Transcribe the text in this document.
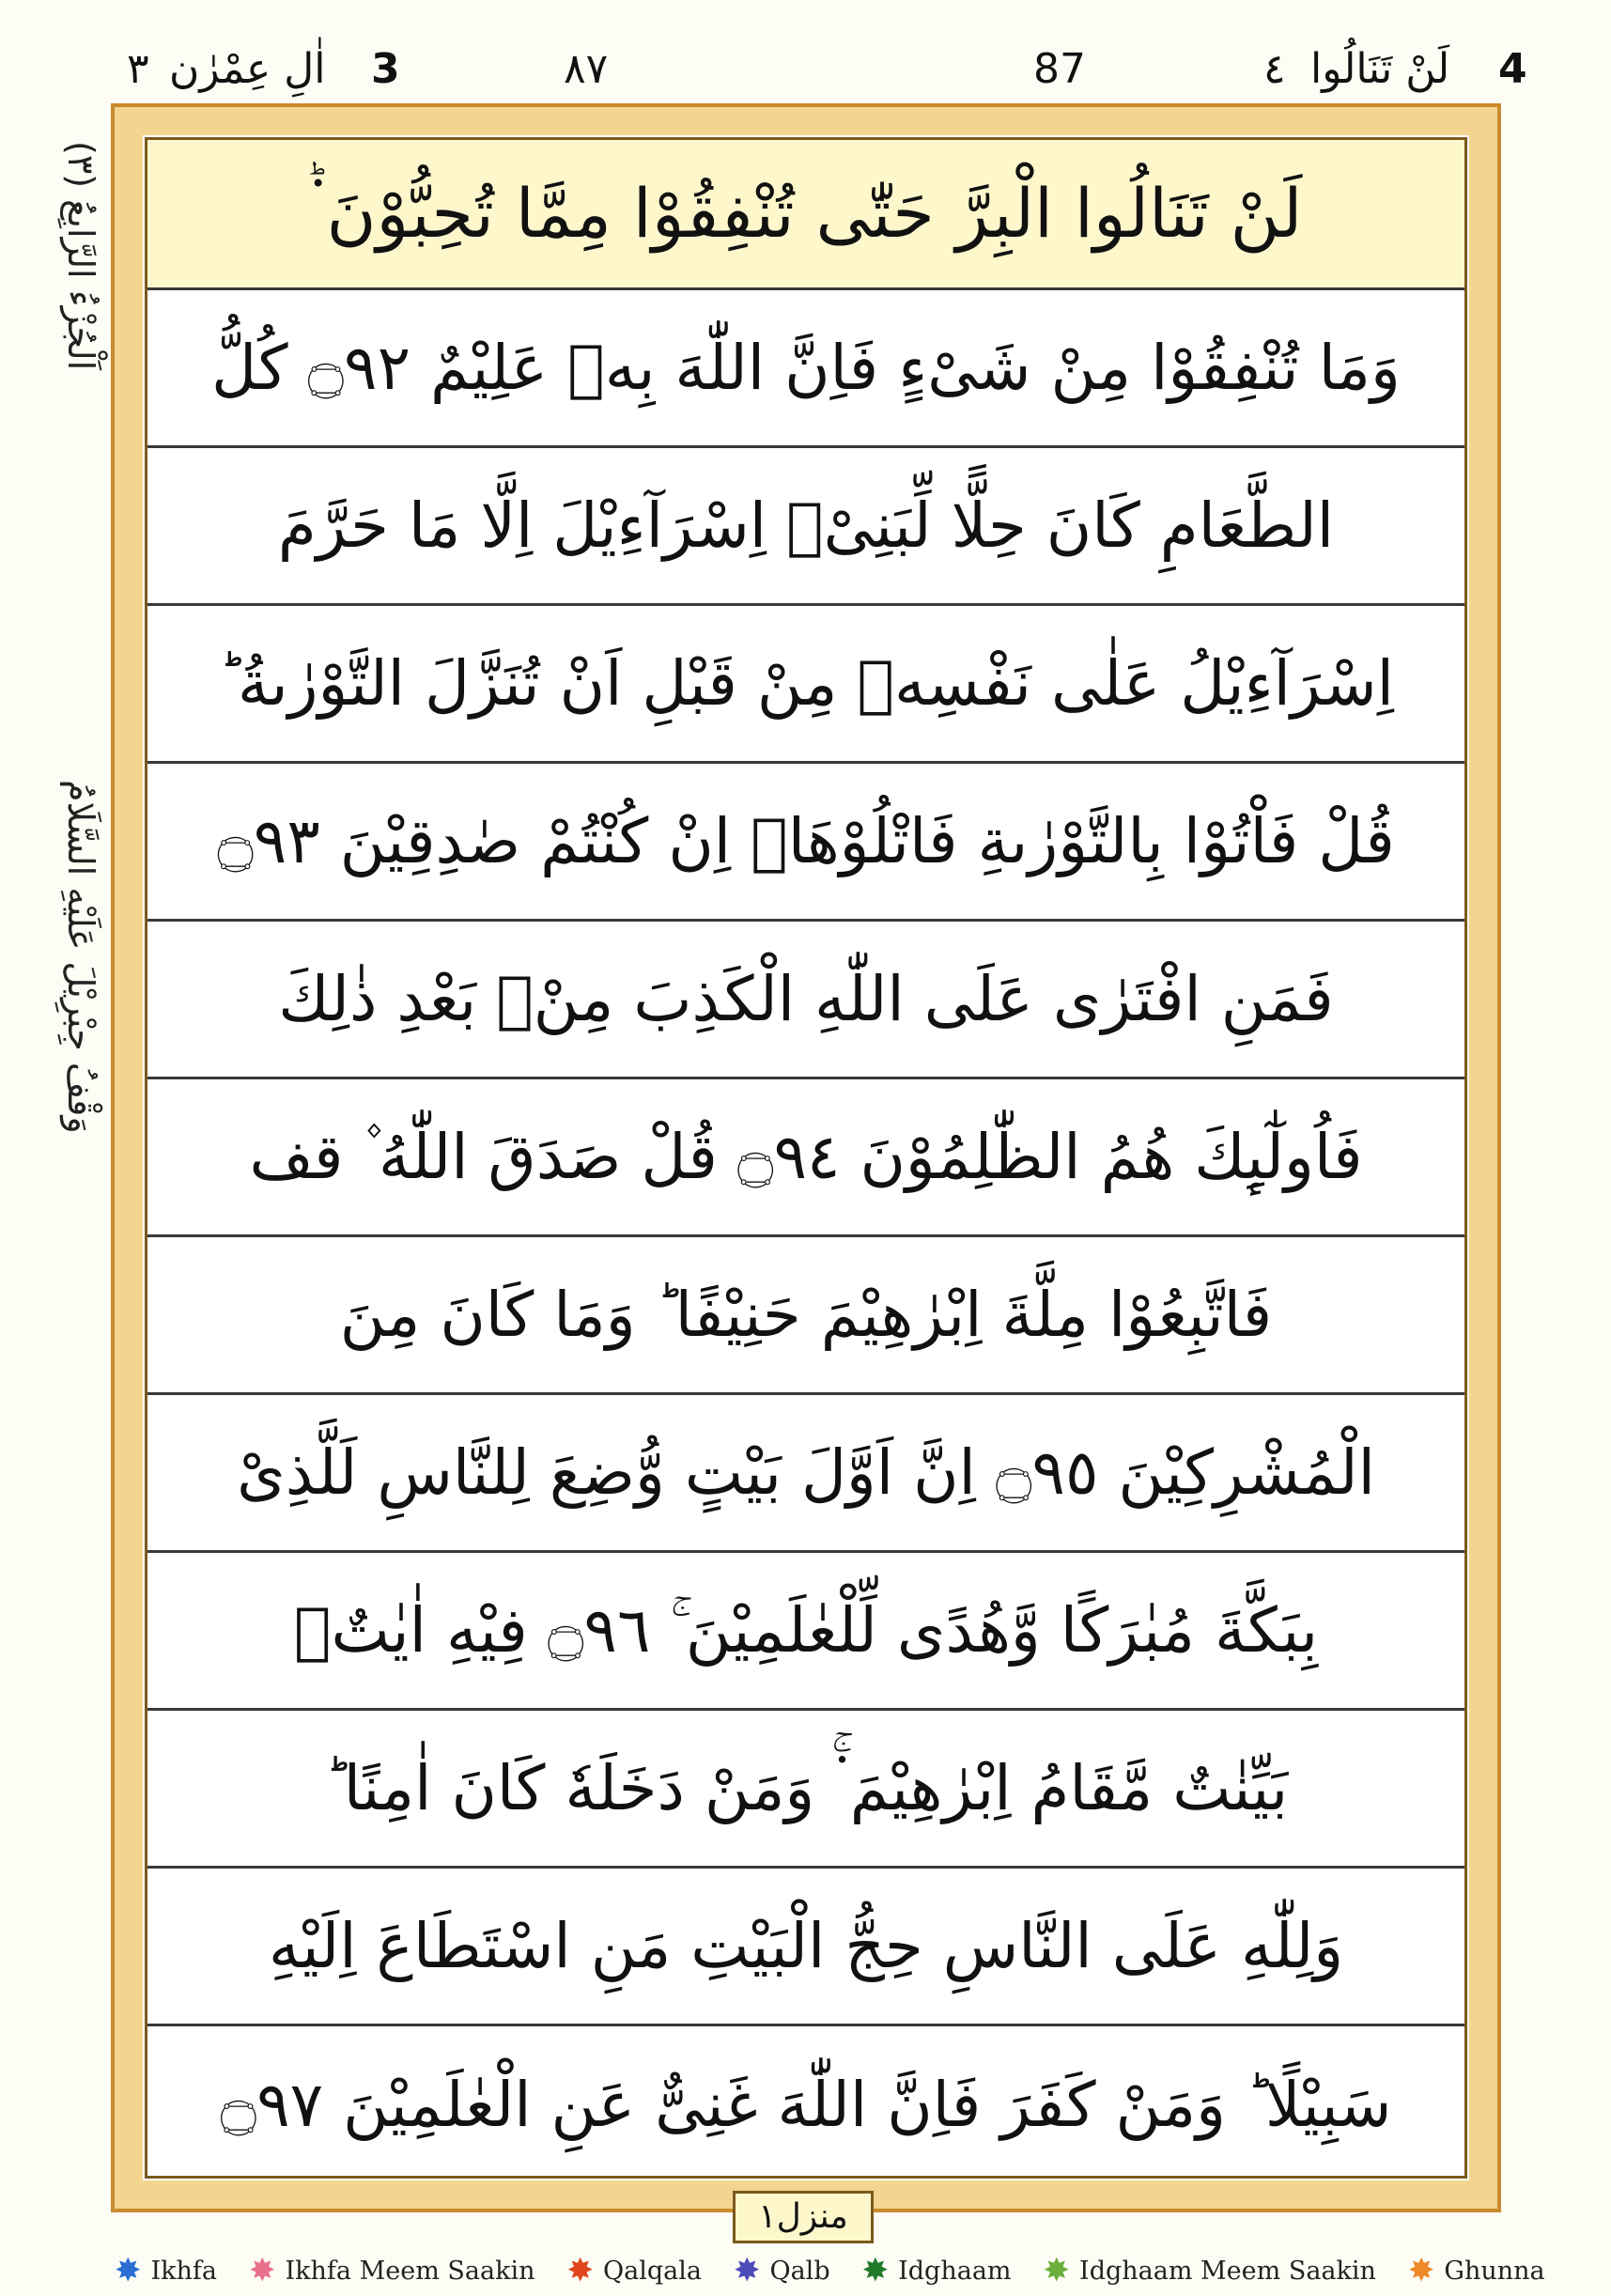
٣ اٰلِ عِمْرٰن 3	٨٧	87	٤ لَنْ تَنَالُوا 4
اَلْجُزْءُ الرَّابِعُ (٣)
وَقْفُ جِبْرِيْلَ عَلَيْهِ السَّلَامُ
لَنْ تَنَالُوا الْبِرَّ حَتّٰى تُنْفِقُوْا مِمَّا تُحِبُّوْنَ ۬ؕ
وَمَا تُنْفِقُوْا مِنْ شَیْءٍ فَاِنَّ اللّٰهَ بِهٖ عَلِیْمٌ ۝٩٢ كُلُّ
الطَّعَامِ كَانَ حِلًّا لِّبَنِیْۤ اِسْرَآءِیْلَ اِلَّا مَا حَرَّمَ
اِسْرَآءِیْلُ عَلٰى نَفْسِهٖ مِنْ قَبْلِ اَنْ تُنَزَّلَ التَّوْرٰىةُ ؕ
قُلْ فَاْتُوْا بِالتَّوْرٰىةِ فَاتْلُوْهَاۤ اِنْ كُنْتُمْ صٰدِقِیْنَ ۝٩٣
فَمَنِ افْتَرٰى عَلَى اللّٰهِ الْكَذِبَ مِنْۢ بَعْدِ ذٰلِكَ
فَاُولٰٓىِٕكَ هُمُ الظّٰلِمُوْنَ ۝٩٤ قُلْ صَدَقَ اللّٰهُ ۫ قف
فَاتَّبِعُوْا مِلَّةَ اِبْرٰهِیْمَ حَنِیْفًا ؕ وَمَا كَانَ مِنَ
الْمُشْرِكِیْنَ ۝٩٥ اِنَّ اَوَّلَ بَیْتٍ وُّضِعَ لِلنَّاسِ لَلَّذِیْ
بِبَكَّةَ مُبٰرَكًا وَّهُدًى لِّلْعٰلَمِیْنَ ۚ ۝٩٦ فِیْهِ اٰیٰتٌۢ
بَیِّنٰتٌ مَّقَامُ اِبْرٰهِیْمَ ۬ۚ وَمَنْ دَخَلَهٗ كَانَ اٰمِنًا ؕ
وَلِلّٰهِ عَلَى النَّاسِ حِجُّ الْبَیْتِ مَنِ اسْتَطَاعَ اِلَیْهِ
سَبِیْلًا ؕ وَمَنْ كَفَرَ فَاِنَّ اللّٰهَ غَنِیٌّ عَنِ الْعٰلَمِیْنَ ۝٩٧
منزل۱
✸ Ikhfa ✸ Ikhfa Meem Saakin ✸ Qalqala ✸ Qalb ✸ Idghaam ✸ Idghaam Meem Saakin ✸ Ghunna
